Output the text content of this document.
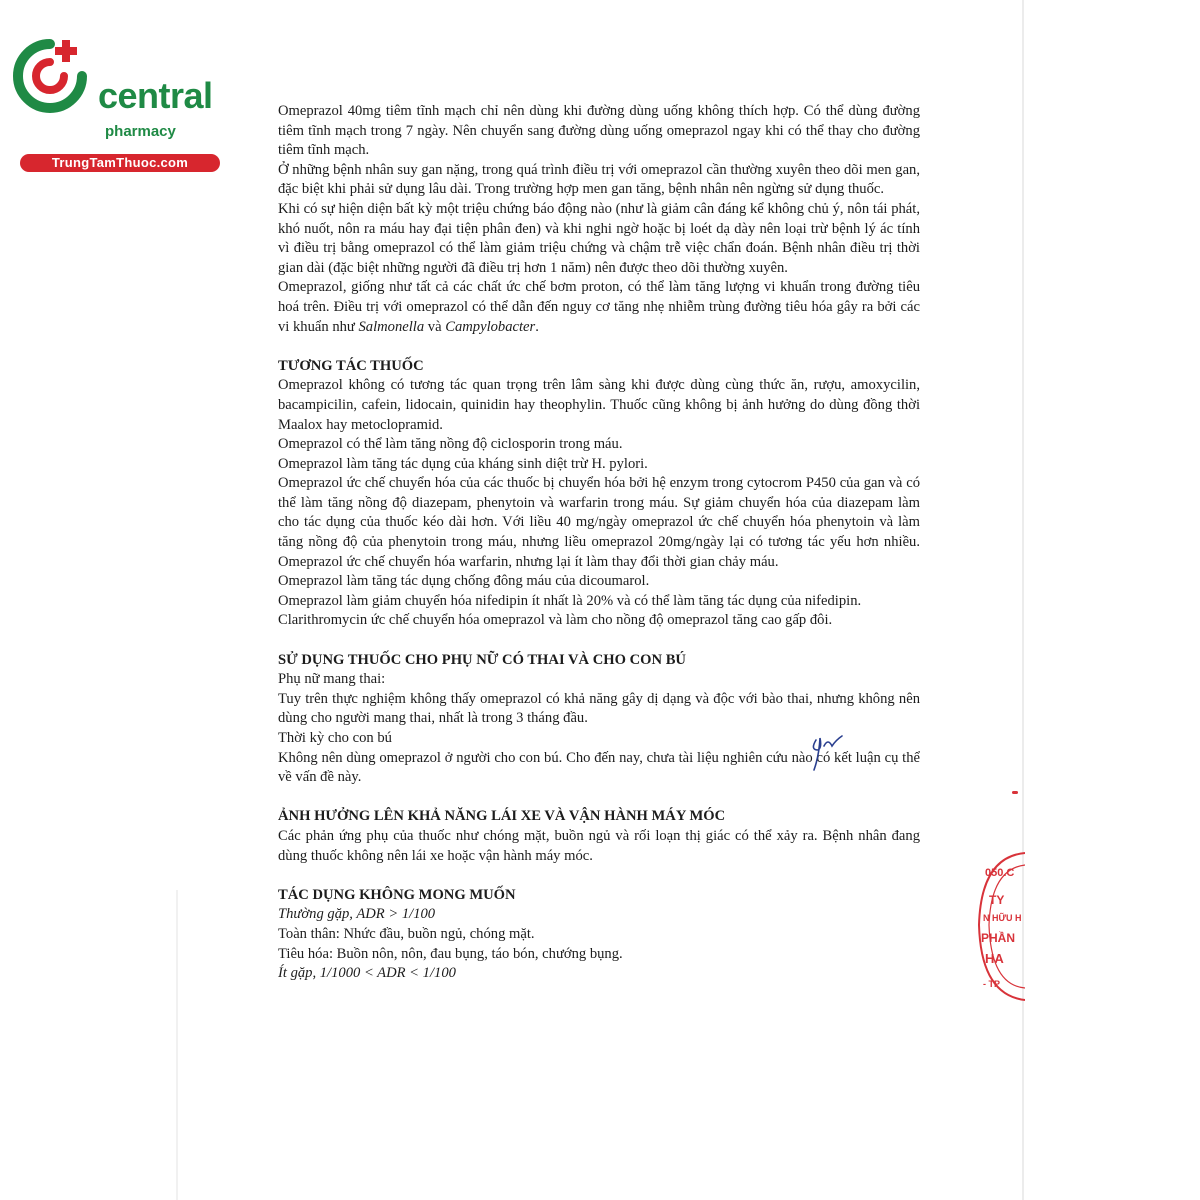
central
pharmacy
TrungTamThuoc.com

Omeprazol 40mg tiêm tĩnh mạch chỉ nên dùng khi đường dùng uống không thích hợp. Có thể dùng đường tiêm tĩnh mạch trong 7 ngày. Nên chuyển sang đường dùng uống omeprazol ngay khi có thể thay cho đường tiêm tĩnh mạch.

Ở những bệnh nhân suy gan nặng, trong quá trình điều trị với omeprazol cần thường xuyên theo dõi men gan, đặc biệt khi phải sử dụng lâu dài. Trong trường hợp men gan tăng, bệnh nhân nên ngừng sử dụng thuốc.

Khi có sự hiện diện bất kỳ một triệu chứng báo động nào (như là giảm cân đáng kể không chủ ý, nôn tái phát, khó nuốt, nôn ra máu hay đại tiện phân đen) và khi nghi ngờ hoặc bị loét dạ dày nên loại trừ bệnh lý ác tính vì điều trị bằng omeprazol có thể làm giảm triệu chứng và chậm trễ việc chẩn đoán. Bệnh nhân điều trị thời gian dài (đặc biệt những người đã điều trị hơn 1 năm) nên được theo dõi thường xuyên.

Omeprazol, giống như tất cả các chất ức chế bơm proton, có thể làm tăng lượng vi khuẩn trong đường tiêu hoá trên. Điều trị với omeprazol có thể dẫn đến nguy cơ tăng nhẹ nhiễm trùng đường tiêu hóa gây ra bởi các vi khuẩn như Salmonella và Campylobacter.

TƯƠNG TÁC THUỐC

Omeprazol không có tương tác quan trọng trên lâm sàng khi được dùng cùng thức ăn, rượu, amoxycilin, bacampicilin, cafein, lidocain, quinidin hay theophylin. Thuốc cũng không bị ảnh hưởng do dùng đồng thời Maalox hay metoclopramid.

Omeprazol có thể làm tăng nồng độ ciclosporin trong máu.

Omeprazol làm tăng tác dụng của kháng sinh diệt trừ H. pylori.

Omeprazol ức chế chuyển hóa của các thuốc bị chuyển hóa bởi hệ enzym trong cytocrom P450 của gan và có thể làm tăng nồng độ diazepam, phenytoin và warfarin trong máu. Sự giảm chuyển hóa của diazepam làm cho tác dụng của thuốc kéo dài hơn. Với liều 40 mg/ngày omeprazol ức chế chuyển hóa phenytoin và làm tăng nồng độ của phenytoin trong máu, nhưng liều omeprazol 20mg/ngày lại có tương tác yếu hơn nhiều. Omeprazol ức chế chuyển hóa warfarin, nhưng lại ít làm thay đổi thời gian chảy máu.

Omeprazol làm tăng tác dụng chống đông máu của dicoumarol.

Omeprazol làm giảm chuyển hóa nifedipin ít nhất là 20% và có thể làm tăng tác dụng của nifedipin.

Clarithromycin ức chế chuyển hóa omeprazol và làm cho nồng độ omeprazol tăng cao gấp đôi.

SỬ DỤNG THUỐC CHO PHỤ NỮ CÓ THAI VÀ CHO CON BÚ

Phụ nữ mang thai:

Tuy trên thực nghiệm không thấy omeprazol có khả năng gây dị dạng và độc với bào thai, nhưng không nên dùng cho người mang thai, nhất là trong 3 tháng đầu.

Thời kỳ cho con bú

Không nên dùng omeprazol ở người cho con bú. Cho đến nay, chưa tài liệu nghiên cứu nào có kết luận cụ thể về vấn đề này.

ẢNH HƯỞNG LÊN KHẢ NĂNG LÁI XE VÀ VẬN HÀNH MÁY MÓC

Các phản ứng phụ của thuốc như chóng mặt, buồn ngủ và rối loạn thị giác có thể xảy ra. Bệnh nhân đang dùng thuốc không nên lái xe hoặc vận hành máy móc.

TÁC DỤNG KHÔNG MONG MUỐN

Thường gặp, ADR > 1/100

Toàn thân: Nhức đầu, buồn ngủ, chóng mặt.

Tiêu hóa: Buồn nôn, nôn, đau bụng, táo bón, chướng bụng.

Ít gặp, 1/1000 < ADR < 1/100

050.C
TY
N HỮU H
PHẦN
HA
- TP
